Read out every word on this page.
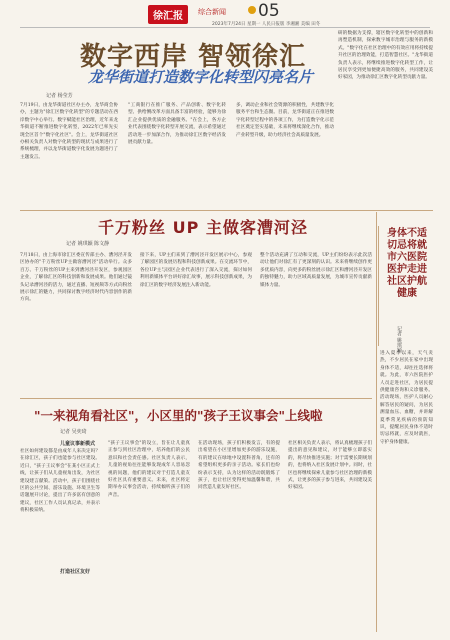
徐汇报	综合新闻 05
2023年7月24日 星期一 人民日报版 李湘湘 美编 田冬
数字西岸 智领徐汇
龙华街道打造数字化转型闪亮名片
记者 杨莹芳
7月19日，由龙华街道社区办主办，龙华商会协办，主题为"徐汇区数字化转型"的专题活动在西岸数字中心举行。数字赋能社区治理，近年来龙华街道不断推进数字化转型，2022年已率先实现全区首个"数字化社区"。会上，龙华街道社区办相关负责人对数字化转型的现状与成果进行了系统梳理，并以龙华街道数字化发展为题进行了主题发言。
"工商银行在推广服务、产品创新、数字化转型、供给侧改革方面具备丰富的经验，能够为徐汇企业提供优质的金融服务。"在会上，各方企业代表围绕数字化转型开展交流，表示希望通过活动进一步加深合作，为推动徐汇区数字经济发展贡献力量。
多，调动企业和社会资源的积极性，共建数字化服务平台和生态圈。目前，龙华街道正在推进数字化转型过程中的各项工作，为打造数字化示范社区奠定坚实基础，未来将继续深化合作，推动产业转型升级，助力经济社会高质量发展。
研的数据为支撑，辖区数字化转型中的创新和再塑造机制，探索数字城市治理与服务的新模式。"数字化在社区治理中的有效应用将持续提升社区的治理效能，打造智慧社区。"龙华街道负责人表示，将继续推进数字化转型工作，让居民享受到更加便捷高效的服务，共同建设美好家园，为推动徐汇区数字化转型贡献力量。
千万粉丝 UP 主做客漕河泾
记者 姚琪颖 陈文静
7月18日，由上海市徐汇区委宣传部主办、漕河泾开发区协办的"千万粉丝UP主做客漕河泾"活动举行。众多百万、千万粉丝的UP主来到漕河泾开发区，参观园区企业，了解徐汇区的科技创新和发展成果。他们通过镜头记录漕河泾的活力，通过直播、短视频等方式向粉丝展示徐汇的魅力，共同探讨数字经济时代内容创作的新方向。
接下来，UP主们来到了漕河泾开发区展示中心，参观了解园区的发展历程和科技创新成果。在交流环节中，各位UP主与园区企业代表进行了深入交流，探讨如何利用新媒体平台讲好徐汇故事，展示科技创新成果，为徐汇区的数字经济发展注入新动能。
整个活动充满了互动和交流，UP主们纷纷表示此次活动让他们对徐汇有了更深刻的认识。未来将继续创作更多优质内容，向更多的粉丝展示徐汇区和漕河泾开发区的独特魅力，助力区域高质量发展，为城市宣传贡献新媒体力量。
身体不适切忌将就 市六医院医护走进社区护航健康
记者 姚琪颖
进入夏季以来，天气炎热，不少居民在家中出现身体不适，却往往选择将就。为此，市六医院医护人员走进社区，为居民提供健康咨询和义诊服务。活动现场，医护人员耐心解答居民的疑问，为居民测量血压、血糖，并讲解夏季常见疾病的预防知识，提醒居民身体不适时切忌将就，应及时就医，守护身体健康。
"一来视角看社区"，小区里的"孩子王议事会"上线啦
记者 吴奕琦
儿童议事新模式
社区如何建设都是由成年人来决定吗？在徐汇区，孩子们也能参与社区建设。近日，"孩子王议事会"在某小区正式上线，让孩子们从儿童视角出发，为社区建设建言献策。活动中，孩子们围绕社区的公共空间、游乐设施、环境卫生等话题展开讨论，提出了许多富有创意的建议，社区工作人员认真记录，并表示将积极采纳。
打造社区友好
"孩子王议事会"的设立，旨在让儿童真正参与到社区治理中，培养他们的公民意识和社会责任感。社区负责人表示，儿童的视角往往能够发现成年人容易忽视的问题，他们的建议对于打造儿童友好社区具有重要意义。未来，社区将定期举办议事会活动，持续倾听孩子们的声音。
在活动现场，孩子们积极发言，有的提出希望在小区里增加更多的游乐设施，有的建议在绿地中设置科普角，还有的希望组织更多的亲子活动。家长们也纷纷表示支持，认为这样的活动既锻炼了孩子，也让社区变得更加温馨和谐，共同营造儿童友好社区。
社区相关负责人表示，将认真梳理孩子们提出的意见和建议，对于能够立即落实的，将尽快推进实施；对于需要长期规划的，也将纳入社区发展计划中。同时，社区也将继续探索儿童参与社区治理的新模式，让更多的孩子参与进来，共同建设美好家园。
